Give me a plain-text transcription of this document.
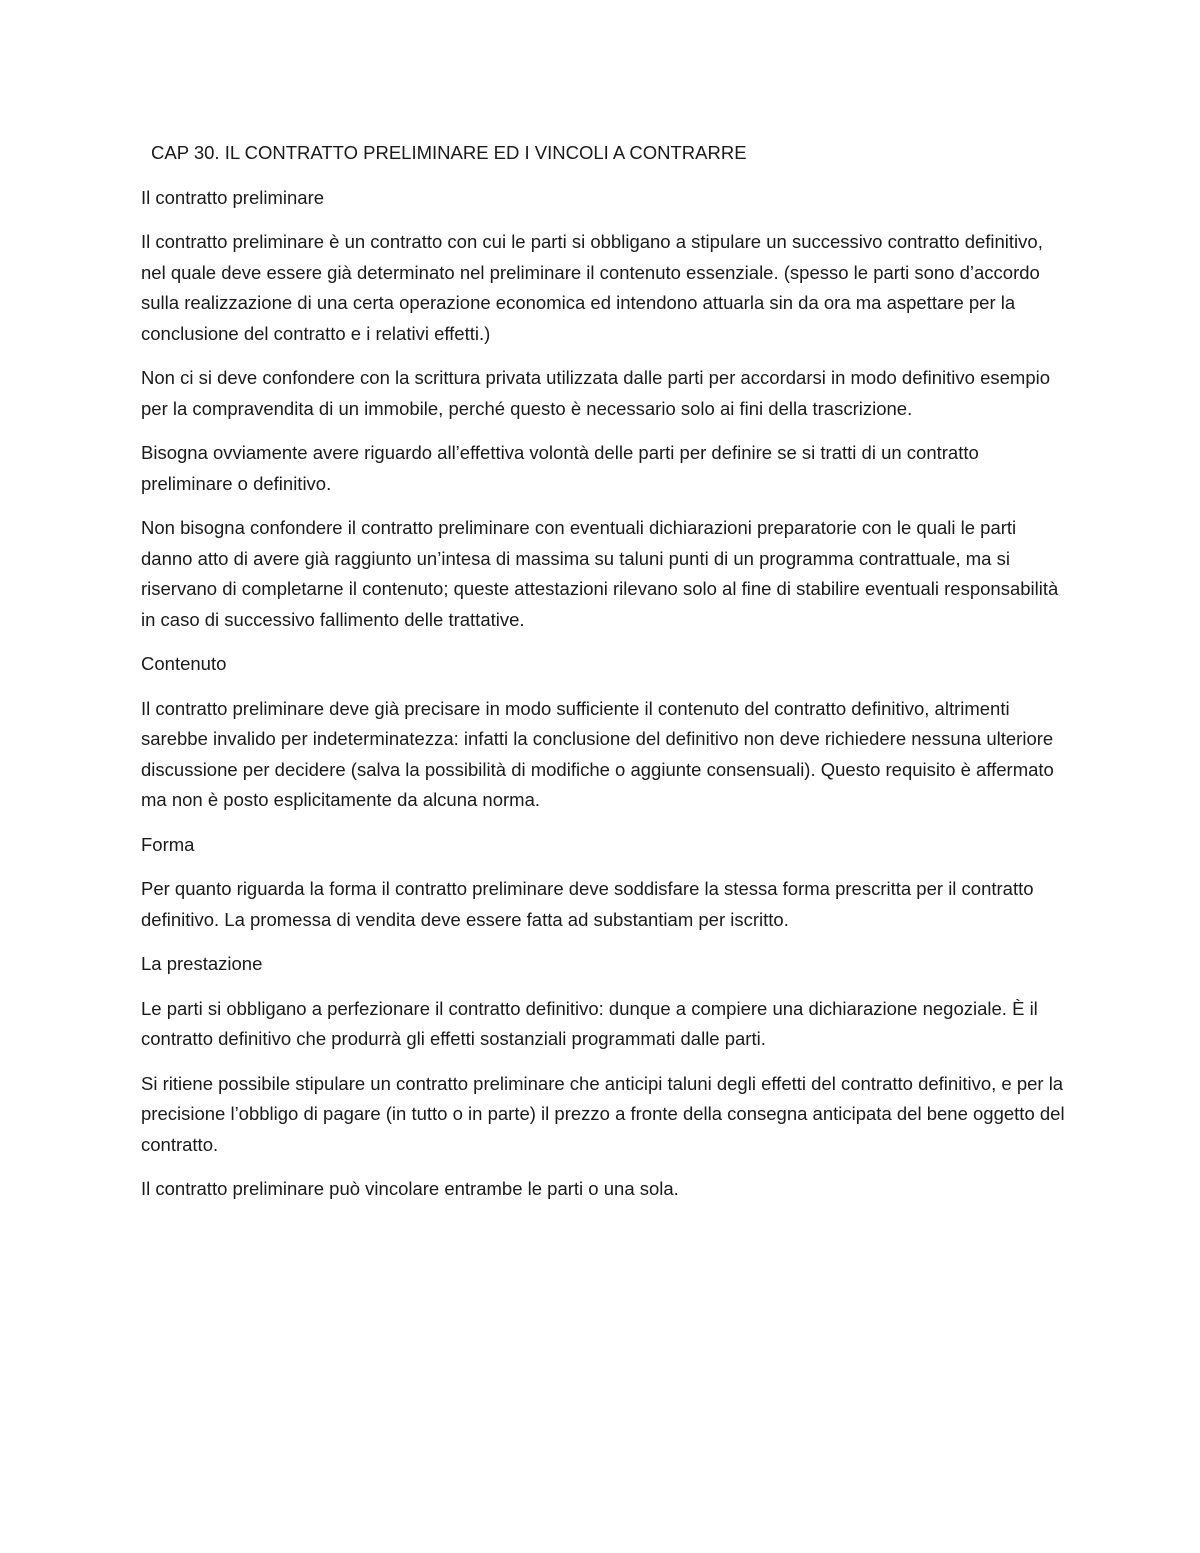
CAP 30. IL CONTRATTO PRELIMINARE ED I VINCOLI A CONTRARRE
Il contratto preliminare

Il contratto preliminare è un contratto con cui le parti si obbligano a stipulare un successivo contratto definitivo, nel quale deve essere già determinato nel preliminare il contenuto essenziale. (spesso le parti sono d’accordo sulla realizzazione di una certa operazione economica ed intendono attuarla sin da ora ma aspettare per la conclusione del contratto e i relativi effetti.)

Non ci si deve confondere con la scrittura privata utilizzata dalle parti per accordarsi in modo definitivo esempio per la compravendita di un immobile, perché questo è necessario solo ai fini della trascrizione.

Bisogna ovviamente avere riguardo all’effettiva volontà delle parti per definire se si tratti di un contratto preliminare o definitivo.

Non bisogna confondere il contratto preliminare con eventuali dichiarazioni preparatorie con le quali le parti danno atto di avere già raggiunto un’intesa di massima su taluni punti di un programma contrattuale, ma si riservano di completarne il contenuto; queste attestazioni rilevano solo al fine di stabilire eventuali responsabilità in caso di successivo fallimento delle trattative.

Contenuto

Il contratto preliminare deve già precisare in modo sufficiente il contenuto del contratto definitivo, altrimenti sarebbe invalido per indeterminatezza: infatti la conclusione del definitivo non deve richiedere nessuna ulteriore discussione per decidere (salva la possibilità di modifiche o aggiunte consensuali). Questo requisito è affermato ma non è posto esplicitamente da alcuna norma.

Forma

Per quanto riguarda la forma il contratto preliminare deve soddisfare la stessa forma prescritta per il contratto definitivo. La promessa di vendita deve essere fatta ad substantiam per iscritto.

La prestazione

Le parti si obbligano a perfezionare il contratto definitivo: dunque a compiere una dichiarazione negoziale. È il contratto definitivo che produrrà gli effetti sostanziali programmati dalle parti.

Si ritiene possibile stipulare un contratto preliminare che anticipi taluni degli effetti del contratto definitivo, e per la precisione l’obbligo di pagare (in tutto o in parte) il prezzo a fronte della consegna anticipata del bene oggetto del contratto.

Il contratto preliminare può vincolare entrambe le parti o una sola.
